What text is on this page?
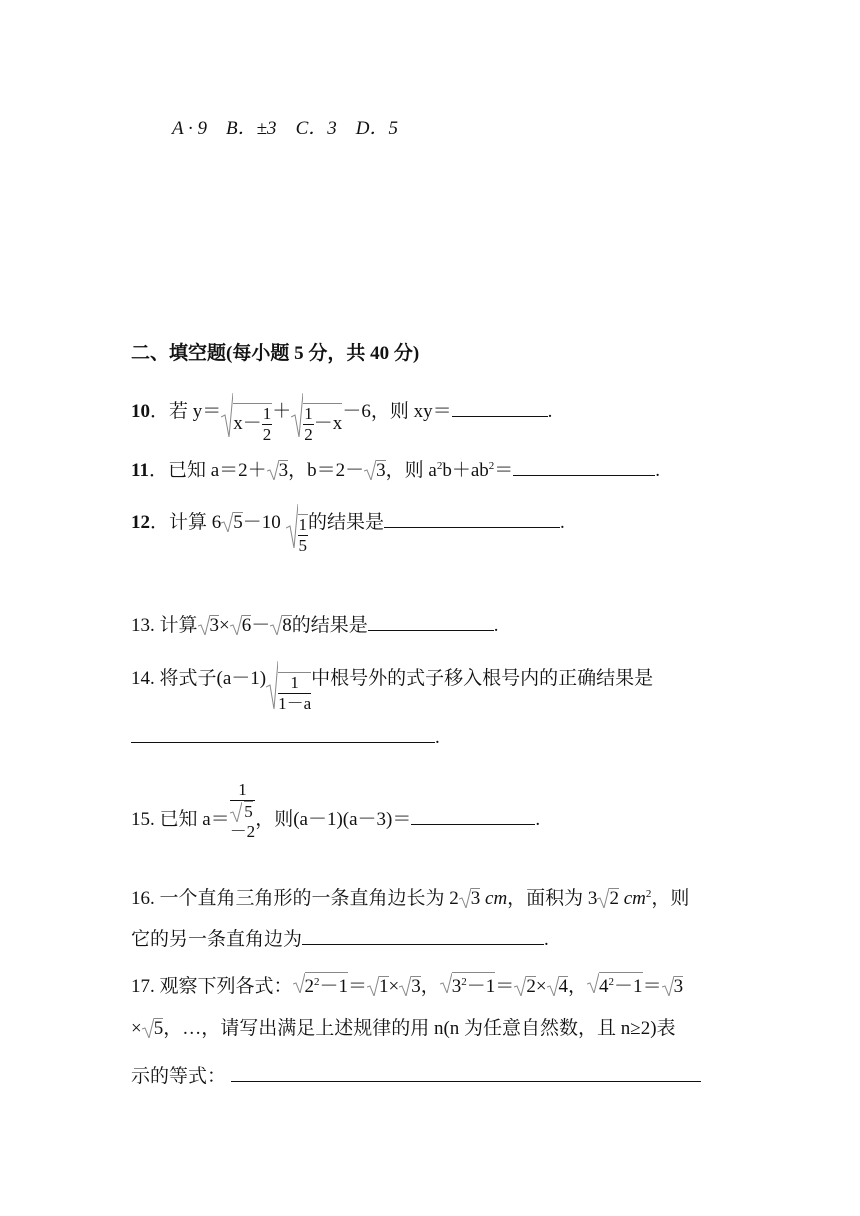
A · 9 B．±3 C．3 D．5
二、填空题(每小题 5 分，共 40 分)
10．若 y＝
$x- \frac{1}{2} + \frac{1}{2} -x-6$，则 xy＝	.
11．已知 a＝2＋ 3，b＝2－ 3，则 $a^2b+ab^2=$	.
12．计算 6 $5-10 \frac{1}{5}$ 的结果是	.
13. 计算 3× 6－ 8的结果是	.
14. 将式子$(a-1) \frac{1}{1-a}$ 中根号外的式子移入根号内的正确结果是
.
15. 已知 a＝ 1
5
－2 ，则(a－1)(a－3)＝	.
16. 一个直角三角形的一条直角边长为 2 3 cm，面积为 3 2 $cm^2$，则
它的另一条直角边为	.
17. 观察下列各式： $2^2-1= 1\times 3$， $3^2-1= 2\times 4$， $4^2-1= 3$
× 5，…，请写出满足上述规律的用 n(n 为任意自然数，且 n≥2)表
示的等式：
